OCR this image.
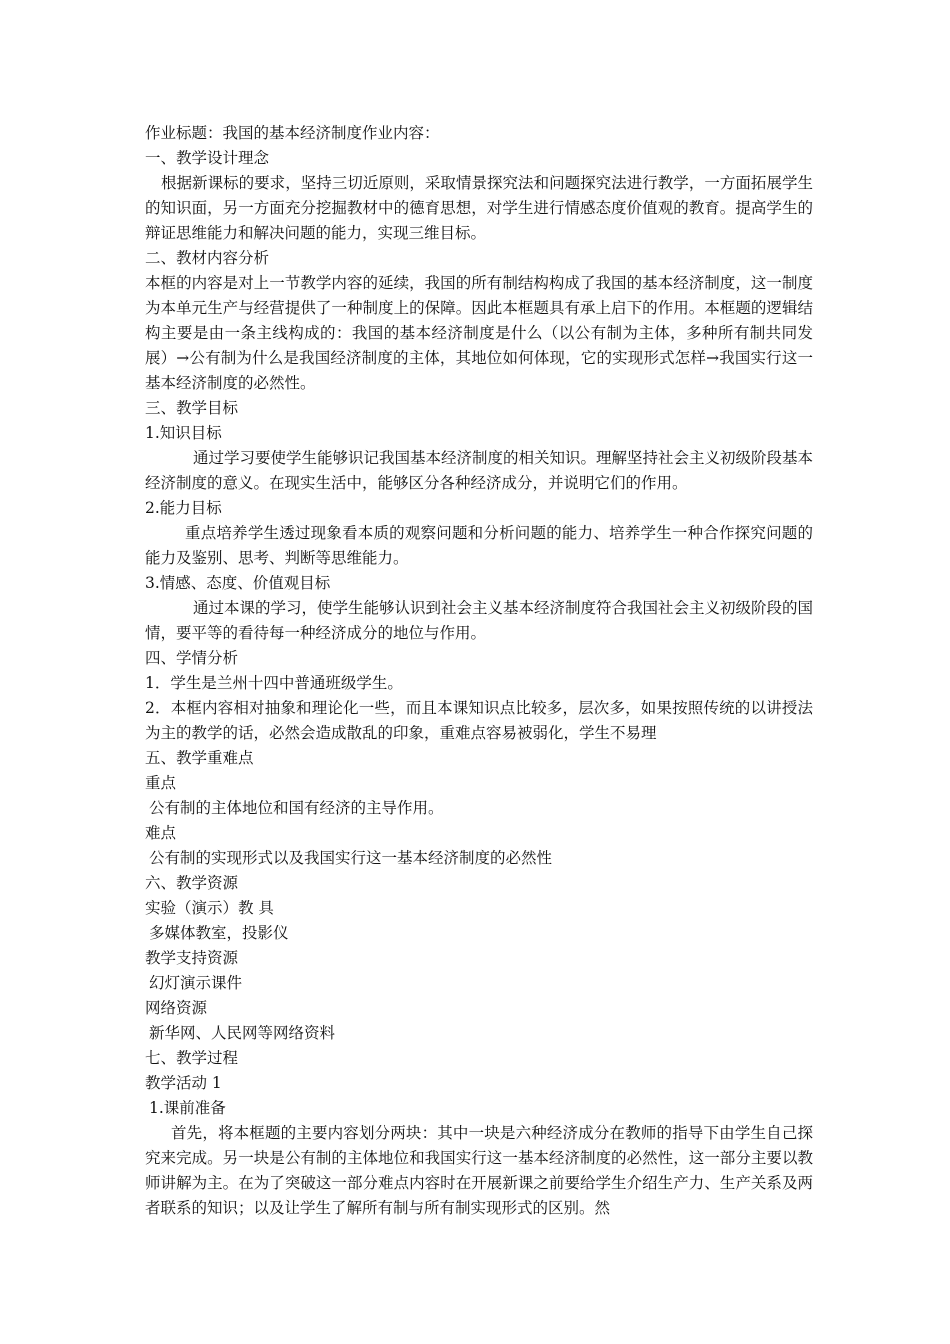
作业标题：我国的基本经济制度作业内容：
一、教学设计理念
根据新课标的要求，坚持三切近原则，采取情景探究法和问题探究法进行教学，一方面拓展学生的知识面，另一方面充分挖掘教材中的德育思想，对学生进行情感态度价值观的教育。提高学生的辩证思维能力和解决问题的能力，实现三维目标。
二、教材内容分析
本框的内容是对上一节教学内容的延续，我国的所有制结构构成了我国的基本经济制度，这一制度为本单元生产与经营提供了一种制度上的保障。因此本框题具有承上启下的作用。本框题的逻辑结构主要是由一条主线构成的：我国的基本经济制度是什么（以公有制为主体，多种所有制共同发展）→公有制为什么是我国经济制度的主体，其地位如何体现，它的实现形式怎样→我国实行这一基本经济制度的必然性。
三、教学目标
1.知识目标
通过学习要使学生能够识记我国基本经济制度的相关知识。理解坚持社会主义初级阶段基本经济制度的意义。在现实生活中，能够区分各种经济成分，并说明它们的作用。
2.能力目标
重点培养学生透过现象看本质的观察问题和分析问题的能力、培养学生一种合作探究问题的能力及鉴别、思考、判断等思维能力。
3.情感、态度、价值观目标
通过本课的学习，使学生能够认识到社会主义基本经济制度符合我国社会主义初级阶段的国情，要平等的看待每一种经济成分的地位与作用。
四、学情分析
1．学生是兰州十四中普通班级学生。
2．本框内容相对抽象和理论化一些，而且本课知识点比较多，层次多，如果按照传统的以讲授法为主的教学的话，必然会造成散乱的印象，重难点容易被弱化，学生不易理
五、教学重难点
重点
公有制的主体地位和国有经济的主导作用。
难点
公有制的实现形式以及我国实行这一基本经济制度的必然性
六、教学资源
实验（演示）教 具
多媒体教室，投影仪
教学支持资源
幻灯演示课件
网络资源
新华网、人民网等网络资料
七、教学过程
教学活动 1
1.课前准备
首先，将本框题的主要内容划分两块：其中一块是六种经济成分在教师的指导下由学生自己探究来完成。另一块是公有制的主体地位和我国实行这一基本经济制度的必然性，这一部分主要以教师讲解为主。在为了突破这一部分难点内容时在开展新课之前要给学生介绍生产力、生产关系及两者联系的知识；以及让学生了解所有制与所有制实现形式的区别。然
